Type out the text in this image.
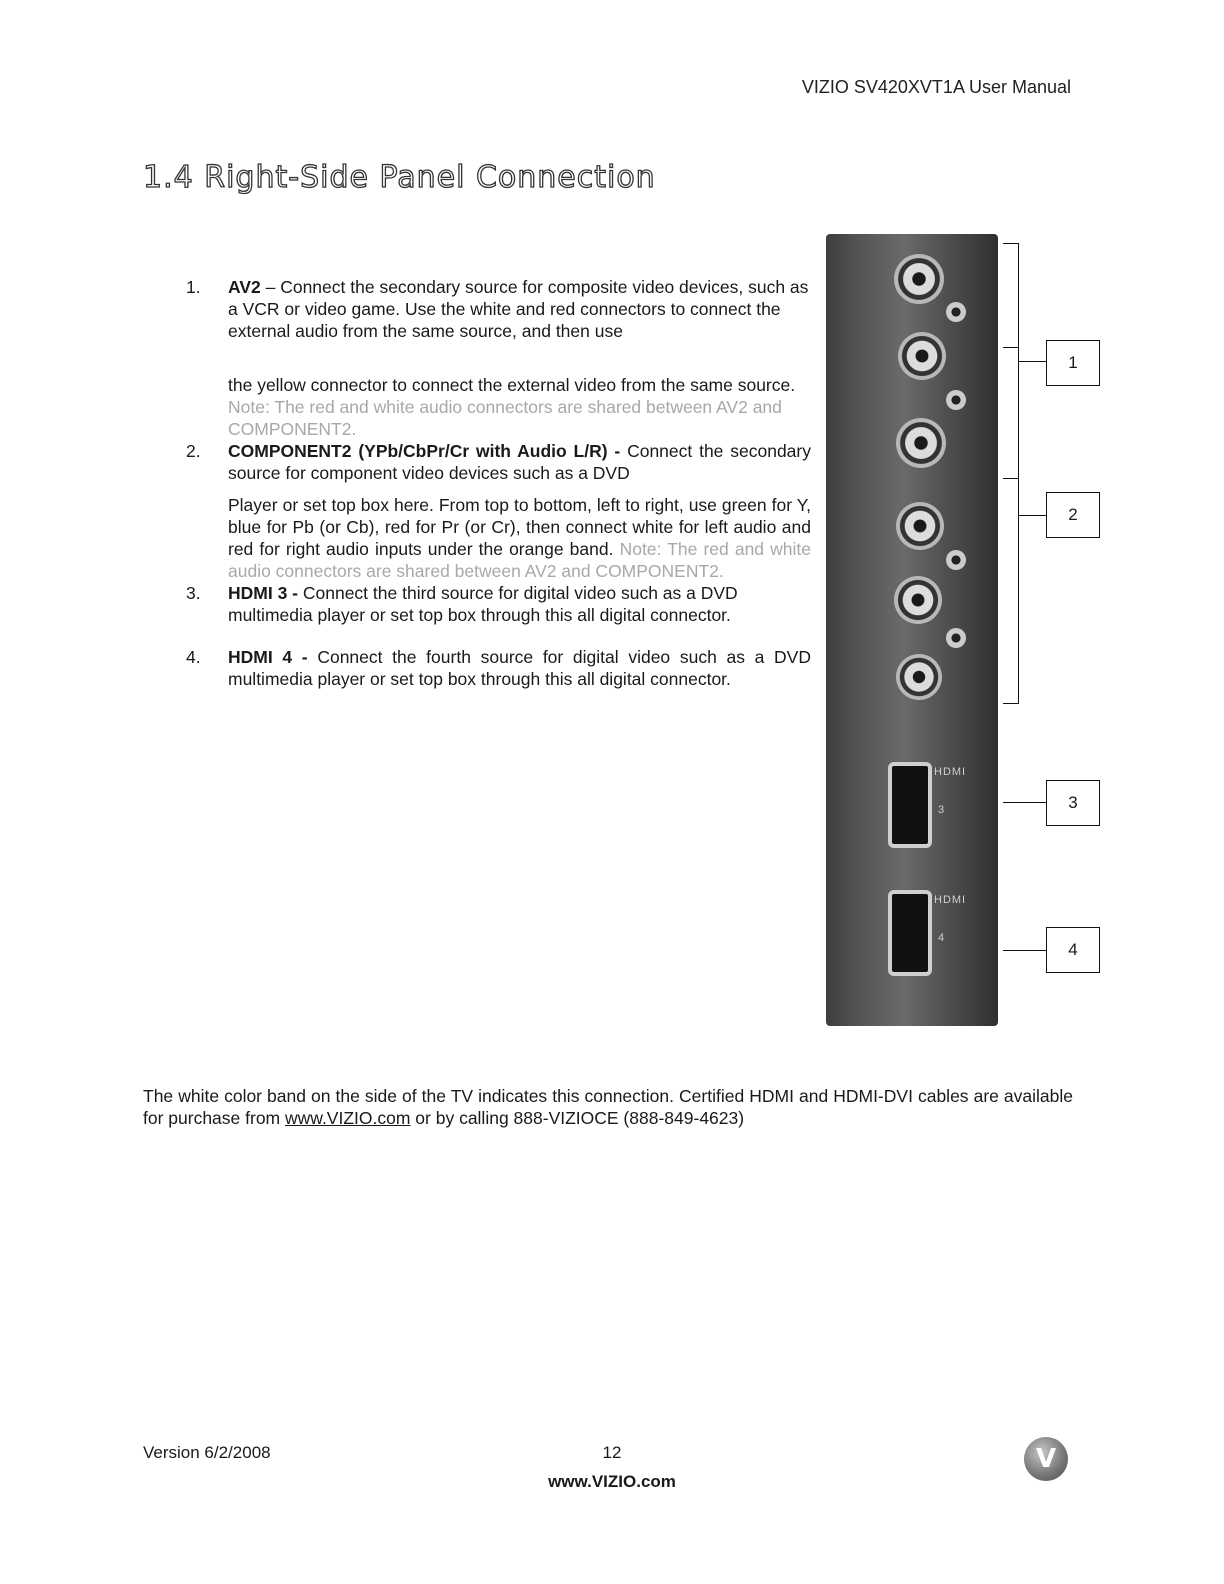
VIZIO SV420XVT1A User Manual
1.4 Right-Side Panel Connection
1.	AV2 – Connect the secondary source for composite video devices, such as a VCR or video game. Use the white and red connectors to connect the external audio from the same source, and then use

the yellow connector to connect the external video from the same source. Note: The red and white audio connectors are shared between AV2 and COMPONENT2.

2.	COMPONENT2 (YPb/CbPr/Cr with Audio L/R) - Connect the secondary source for component video devices such as a DVD

Player or set top box here. From top to bottom, left to right, use green for Y, blue for Pb (or Cb), red for Pr (or Cr), then connect white for left audio and red for right audio inputs under the orange band. Note: The red and white audio connectors are shared between AV2 and COMPONENT2.

3.	HDMI 3 - Connect the third source for digital video such as a DVD multimedia player or set top box through this all digital connector.

4.	HDMI 4 - Connect the fourth source for digital video such as a DVD multimedia player or set top box through this all digital connector.

HDMI
3
HDMI
4
1
2
3
4
The white color band on the side of the TV indicates this connection. Certified HDMI and HDMI-DVI cables are available for purchase from www.VIZIO.com or by calling 888-VIZIOCE (888-849-4623)
Version 6/2/2008	12
www.VIZIO.com
V
